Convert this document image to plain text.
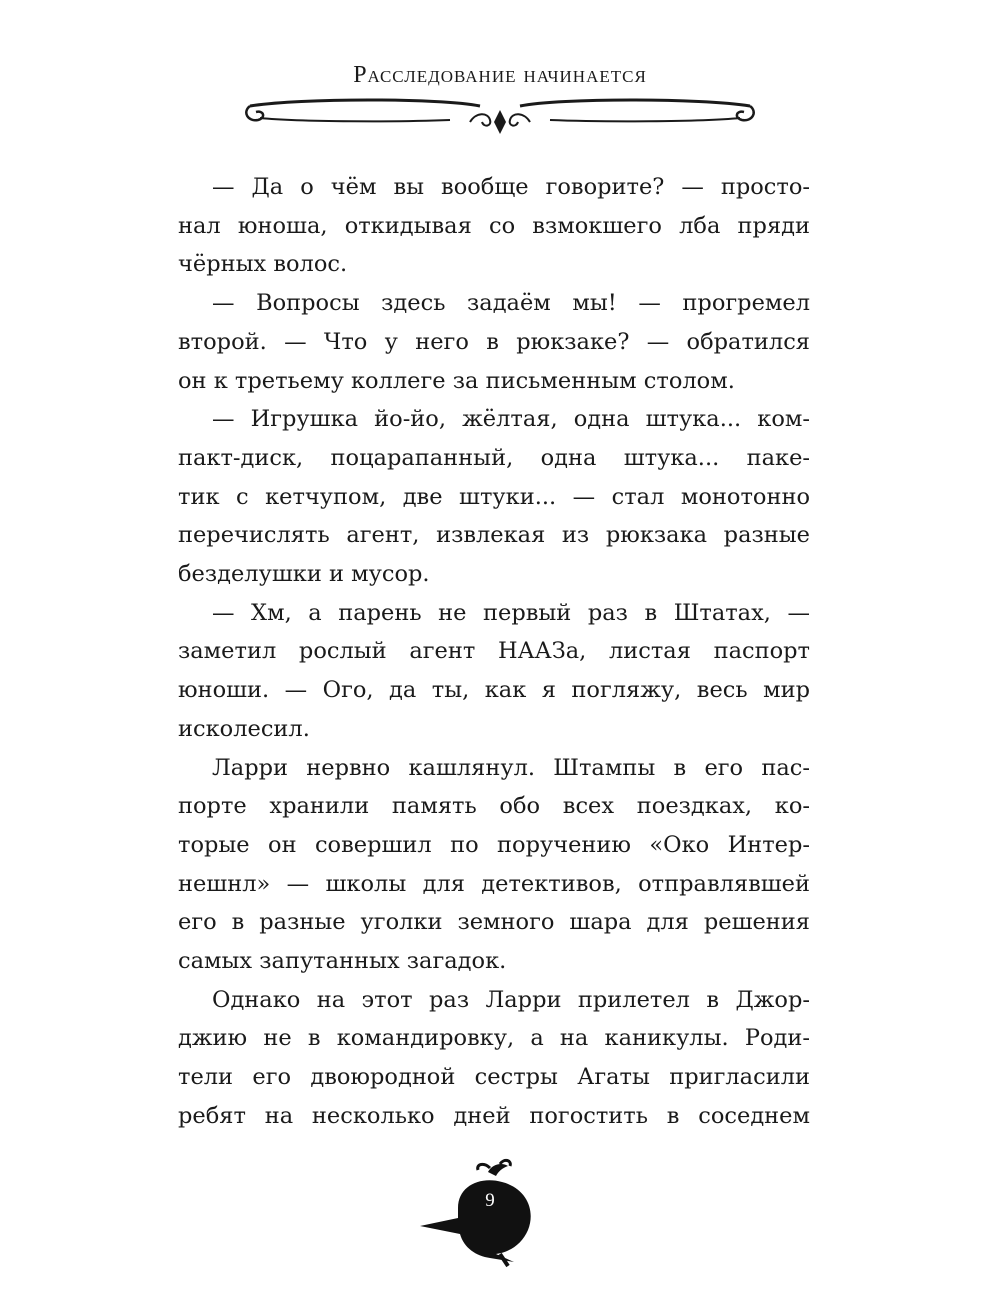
Расследование начинается
— Да о чём вы вообще говорите? — просто-
нал юноша, откидывая со взмокшего лба пряди
чёрных волос.
— Вопросы здесь задаём мы! — прогремел
второй. — Что у него в рюкзаке? — обратился
он к третьему коллеге за письменным столом.
— Игрушка йо-йо, жёлтая, одна штука... ком-
пакт-диск, поцарапанный, одна штука... паке-
тик с кетчупом, две штуки... — стал монотонно
перечислять агент, извлекая из рюкзака разные
безделушки и мусор.
— Хм, а парень не первый раз в Штатах, —
заметил рослый агент НААЗа, листая паспорт
юноши. — Ого, да ты, как я погляжу, весь мир
исколесил.
Ларри нервно кашлянул. Штампы в его пас-
порте хранили память обо всех поездках, ко-
торые он совершил по поручению «Око Интер-
нешнл» — школы для детективов, отправлявшей
его в разные уголки земного шара для решения
самых запутанных загадок.
Однако на этот раз Ларри прилетел в Джор-
джию не в командировку, а на каникулы. Роди-
тели его двоюродной сестры Агаты пригласили
ребят на несколько дней погостить в соседнем
9
